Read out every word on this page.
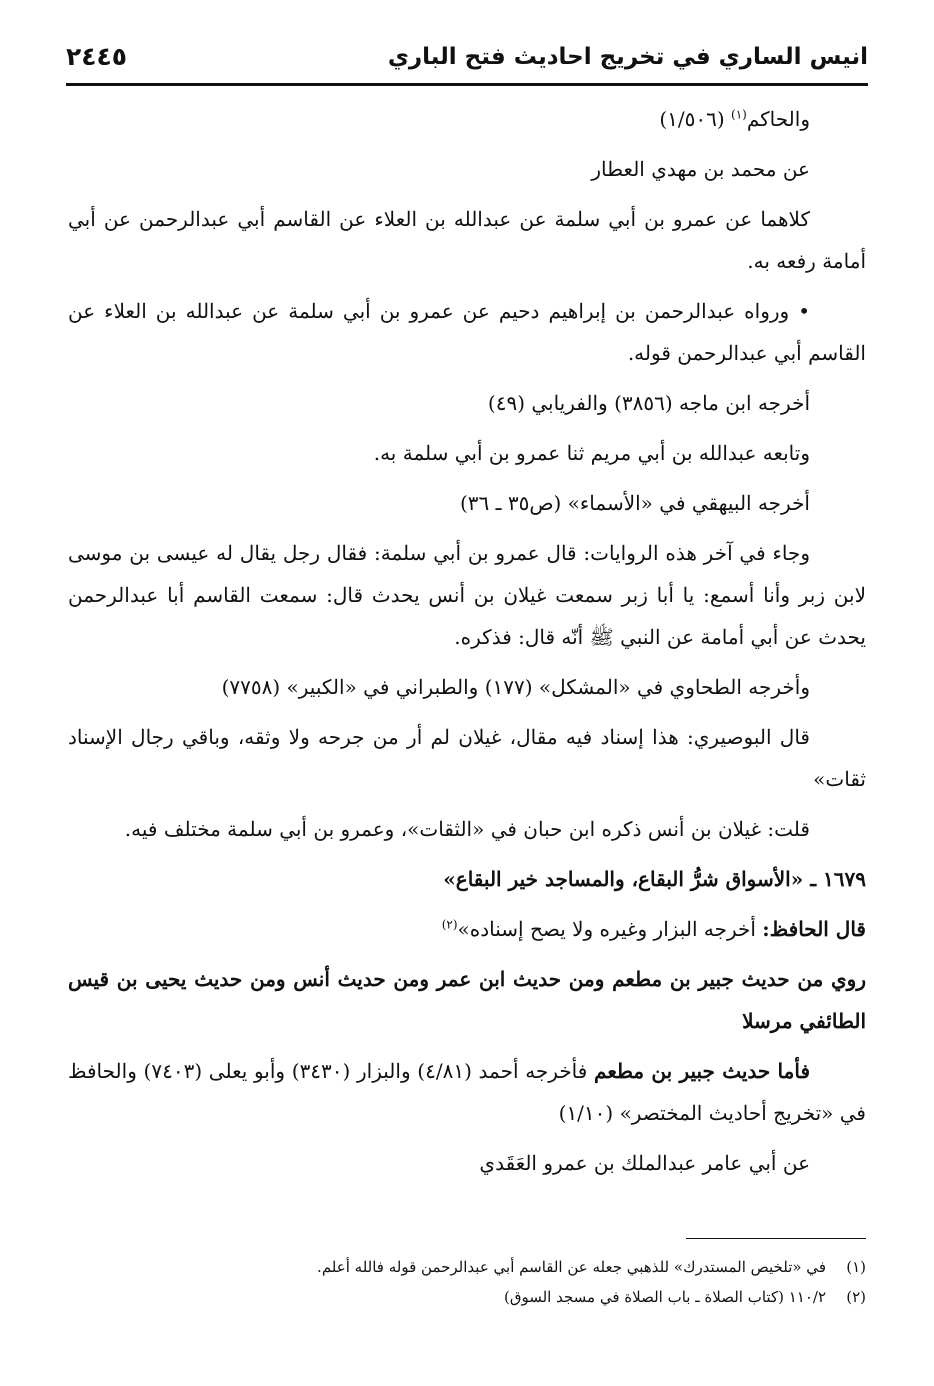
انيس الساري في تخريج احاديث فتح الباري
٢٤٤٥

والحاكم$^{(١)}$ (١/٥٠٦)

عن محمد بن مهدي العطار

كلاهما عن عمرو بن أبي سلمة عن عبدالله بن العلاء عن القاسم أبي عبدالرحمن عن أبي أمامة رفعه به.

• ورواه عبدالرحمن بن إبراهيم دحيم عن عمرو بن أبي سلمة عن عبدالله بن العلاء عن القاسم أبي عبدالرحمن قوله.

أخرجه ابن ماجه (٣٨٥٦) والفريابي (٤٩)

وتابعه عبدالله بن أبي مريم ثنا عمرو بن أبي سلمة به.

أخرجه البيهقي في «الأسماء» (ص٣٥ ـ ٣٦)

وجاء في آخر هذه الروايات: قال عمرو بن أبي سلمة: فقال رجل يقال له عيسى بن موسى لابن زبر وأنا أسمع: يا أبا زبر سمعت غيلان بن أنس يحدث قال: سمعت القاسم أبا عبدالرحمن يحدث عن أبي أمامة عن النبي ﷺ أنّه قال: فذكره.

وأخرجه الطحاوي في «المشكل» (١٧٧) والطبراني في «الكبير» (٧٧٥٨)

قال البوصيري: هذا إسناد فيه مقال، غيلان لم أر من جرحه ولا وثقه، وباقي رجال الإسناد ثقات»

قلت: غيلان بن أنس ذكره ابن حبان في «الثقات»، وعمرو بن أبي سلمة مختلف فيه.

١٦٧٩ ـ «الأسواق شرُّ البقاع، والمساجد خير البقاع»

قال الحافظ: أخرجه البزار وغيره ولا يصح إسناده»$^{(٢)}$

روي من حديث جبير بن مطعم ومن حديث ابن عمر ومن حديث أنس ومن حديث يحيى بن قيس الطائفي مرسلا

فأما حديث جبير بن مطعم فأخرجه أحمد (٤/٨١) والبزار (٣٤٣٠) وأبو يعلى (٧٤٠٣) والحافظ في «تخريج أحاديث المختصر» (١/١٠)

عن أبي عامر عبدالملك بن عمرو العَقَدي

(١)في «تلخيص المستدرك» للذهبي جعله عن القاسم أبي عبدالرحمن قوله فالله أعلم.
(٢)١١٠/٢ (كتاب الصلاة ـ باب الصلاة في مسجد السوق)
